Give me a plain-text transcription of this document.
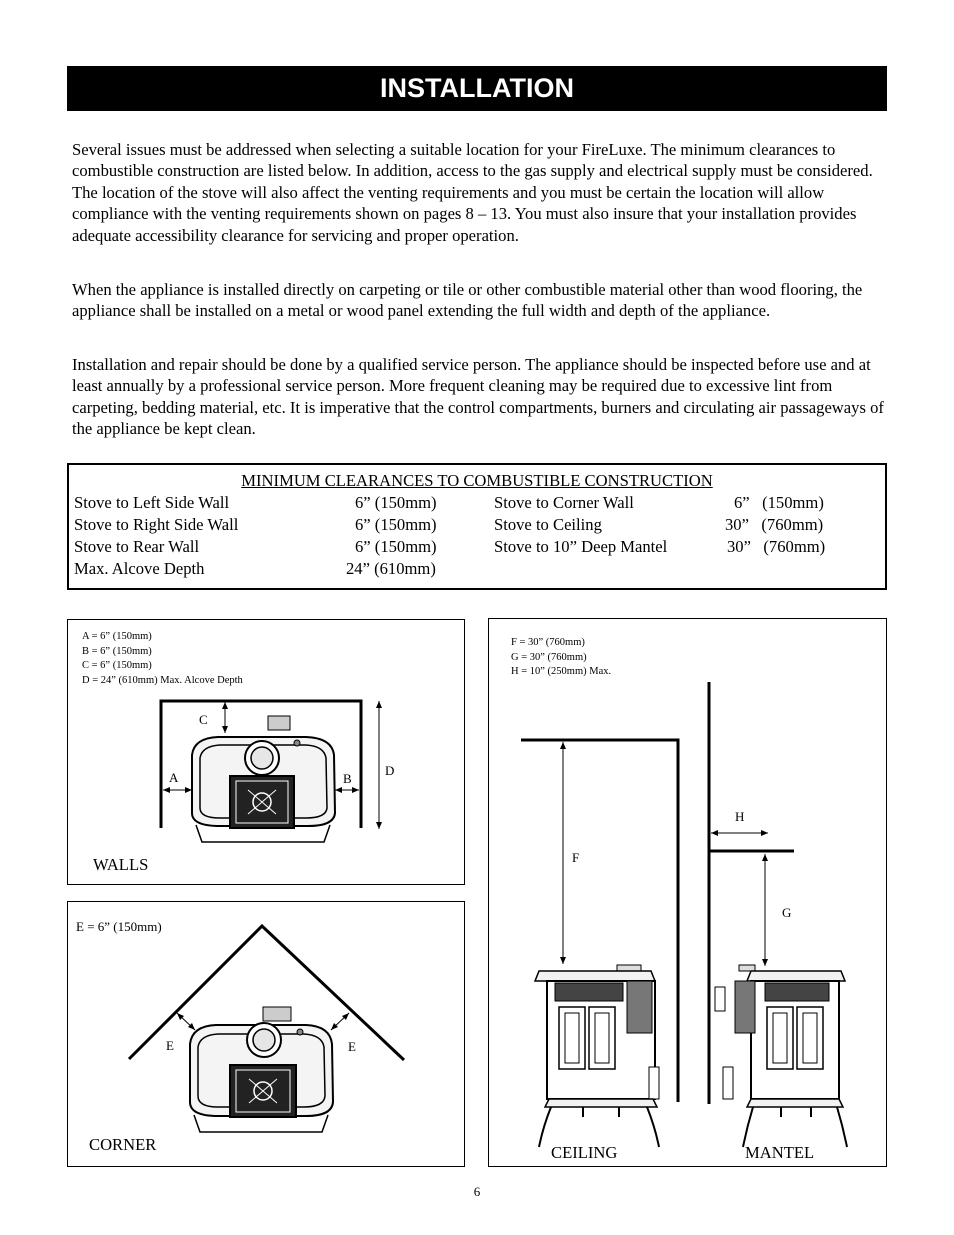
INSTALLATION

Several issues must be addressed when selecting a suitable location for your FireLuxe. The minimum clearances to combustible construction are listed below. In addition, access to the gas supply and electrical supply must be considered. The location of the stove will also affect the venting requirements and you must be certain the location will allow compliance with the venting requirements shown on pages 8 – 13. You must also insure that your installation provides adequate accessibility clearance for servicing and proper operation.

When the appliance is installed directly on carpeting or tile or other combustible material other than wood flooring, the appliance shall be installed on a metal or wood panel extending the full width and depth of the appliance.

Installation and repair should be done by a qualified service person. The appliance should be inspected before use and at least annually by a professional service person. More frequent cleaning may be required due to excessive lint from carpeting, bedding material, etc. It is imperative that the control compartments, burners and circulating air passageways of the appliance be kept clean.

MINIMUM CLEARANCES TO COMBUSTIBLE CONSTRUCTION
Stove to Left Side Wall	6” (150mm)	Stove to Corner Wall	6”   (150mm)
Stove to Right Side Wall	6” (150mm)	Stove to Ceiling	30”   (760mm)
Stove to Rear Wall	6” (150mm)	Stove to 10” Deep Mantel	30”   (760mm)
Max. Alcove Depth	24” (610mm)
A = 6” (150mm)
B = 6” (150mm)
C = 6” (150mm)
D = 24” (610mm) Max. Alcove Depth
C
A	B
D
WALLS
E = 6” (150mm)
E	E
CORNER
F = 30” (760mm)
G = 30” (760mm)
H = 10” (250mm) Max.
F
G
H
CEILING	MANTEL
6
